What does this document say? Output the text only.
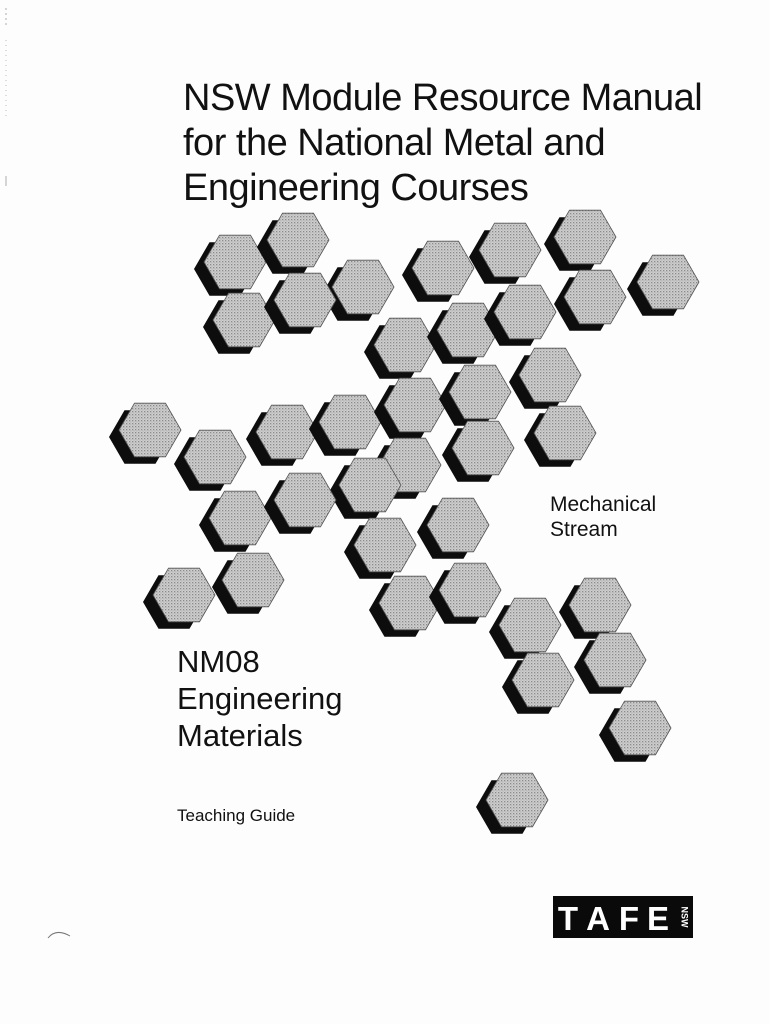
NSW Module Resource Manual
for the National Metal and
Engineering Courses
Mechanical
Stream
NM08
Engineering
Materials
Teaching Guide
T A F E NSW
